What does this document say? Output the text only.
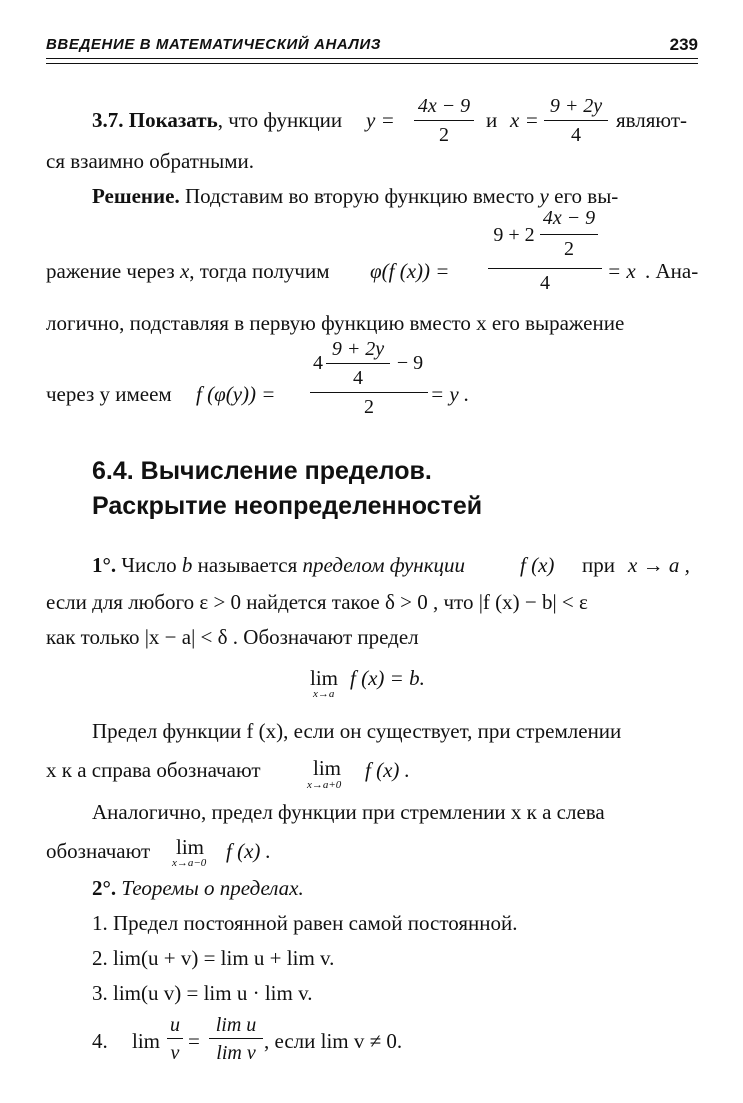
ВВЕДЕНИЕ В МАТЕМАТИЧЕСКИЙ АНАЛИЗ	239
3.7. Показать, что функции y =
4x − 9
2
и x =
9 + 2y
4
являют-
ся взаимно обратными.
Решение. Подставим во вторую функцию вместо y его вы-
ражение через x, тогда получим φ(f (x)) =
9 + 2
4x − 9
2
4	= x . Ана-
логично, подставляя в первую функцию вместо x его выражение
через y имеем f (φ(y)) =
4
9 + 2y
4
− 9
2
= y .
6.4. Вычисление пределов.
Раскрытие неопределенностей
1°. Число b называется пределом функции	f (x) при x → a ,
если для любого ε > 0 найдется такое δ > 0 , что |f (x) − b| < ε
как только |x − a| < δ . Обозначают предел
lim
x→a
f (x) = b.
Предел функции f (x), если он существует, при стремлении
x к a справа обозначают lim
x→a+0
f (x) .
Аналогично, предел функции при стремлении x к a слева
обозначают lim
x→a−0 f (x) .
2°. Теоремы о пределах.
1. Предел постоянной равен самой постоянной.
2. lim(u + v) = lim u + lim v.
3. lim(u v) = lim u · lim v.
4. lim
u
v =
lim u
lim v , если lim v ≠ 0.
